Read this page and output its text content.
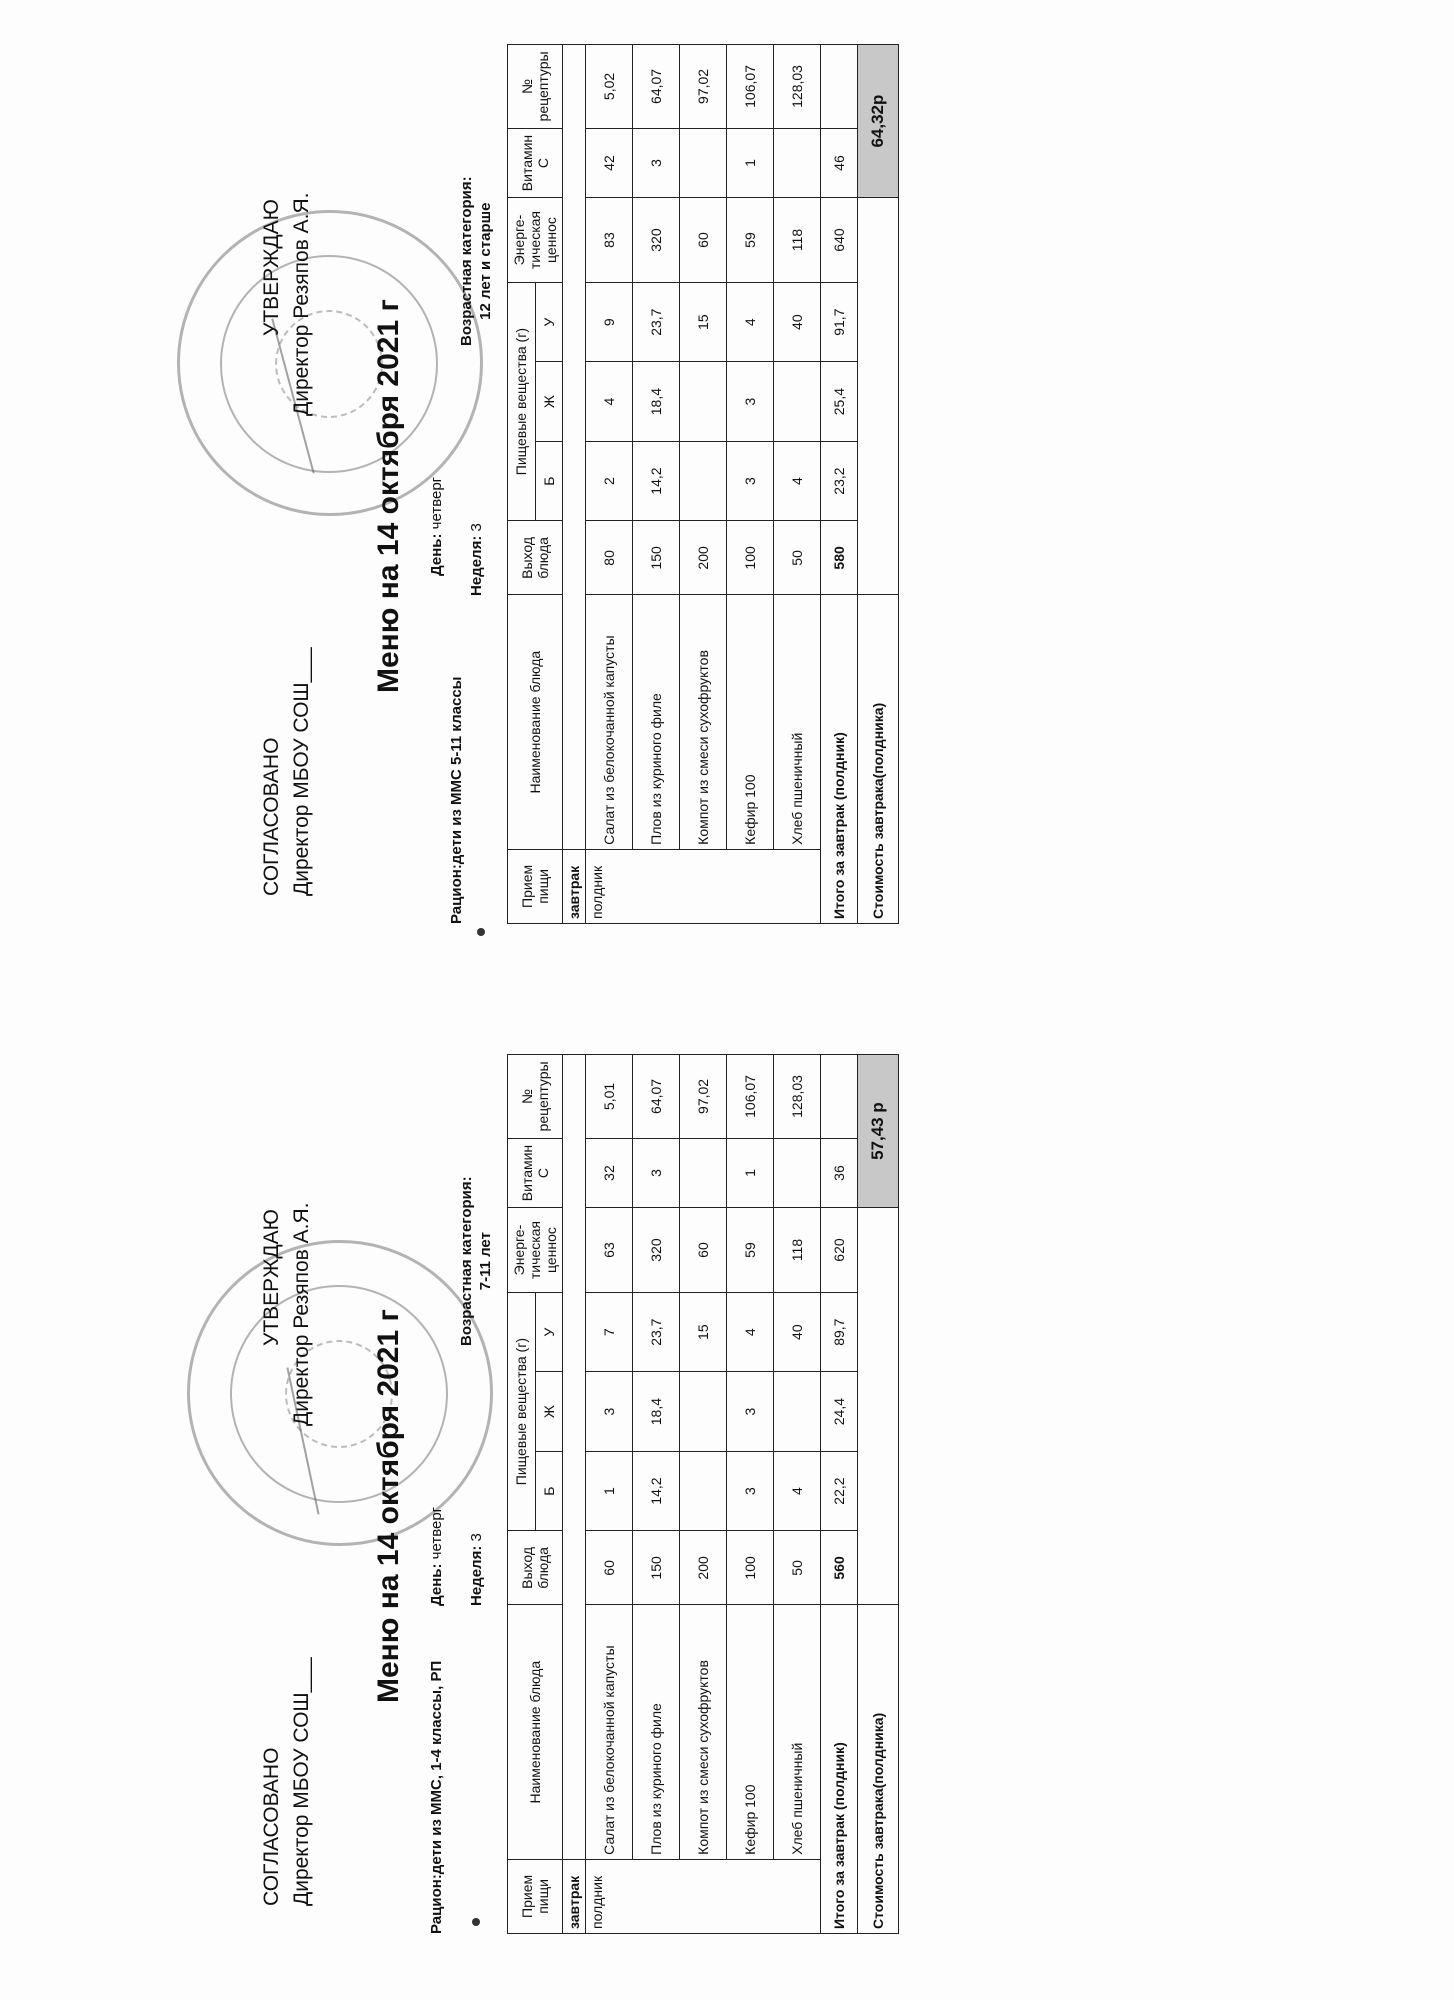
СОГЛАСОВАНО Директор МБОУ СОШ___
УТВЕРЖДАЮ Директор Резяпов А.Я. Меню на 14 октября 2021 г
Рацион:дети из ММС, 1-4 классы, РП
День: четверг
Неделя: 3
Возрастная категория: 7-11 лет
Прием пищи	Наименование блюда	Выход блюда	Пищевые вещества (г)			Энерге-тическая ценнос	Витамин С	№ рецептуры
			Б	Ж	У			
завтрак								
полдник	Салат из белокочанной капусты	60	1	3	7	63	32	5,01
	Плов из куриного филе	150	14,2	18,4	23,7	320	3	64,07
	Компот из смеси сухофруктов	200			15	60		97,02
	Кефир 100	100	3	3	4	59	1	106,07
	Хлеб пшеничный	50	4		40	118		128,03
Итого за завтрак (полдник)		560	22,2	24,4	89,7	620	36	
Стоимость завтрака(полдника)							57,43 р	
СОГЛАСОВАНО Директор МБОУ СОШ___
УТВЕРЖДАЮ Директор Резяпов А.Я. Меню на 14 октября 2021 г
Рацион:дети из ММС 5-11 классы
День: четверг
Неделя: 3
Возрастная категория: 12 лет и старше
Прием пищи	Наименование блюда	Выход блюда	Пищевые вещества (г)			Энерге-тическая ценнос	Витамин С	№ рецептуры
			Б	Ж	У			
завтрак								
полдник	Салат из белокочанной капусты	80	2	4	9	83	42	5,02
	Плов из куриного филе	150	14,2	18,4	23,7	320	3	64,07
	Компот из смеси сухофруктов	200			15	60		97,02
	Кефир 100	100	3	3	4	59	1	106,07
	Хлеб пшеничный	50	4		40	118		128,03
Итого за завтрак (полдник)		580	23,2	25,4	91,7	640	46	
Стоимость завтрака(полдника)							64,32р	
